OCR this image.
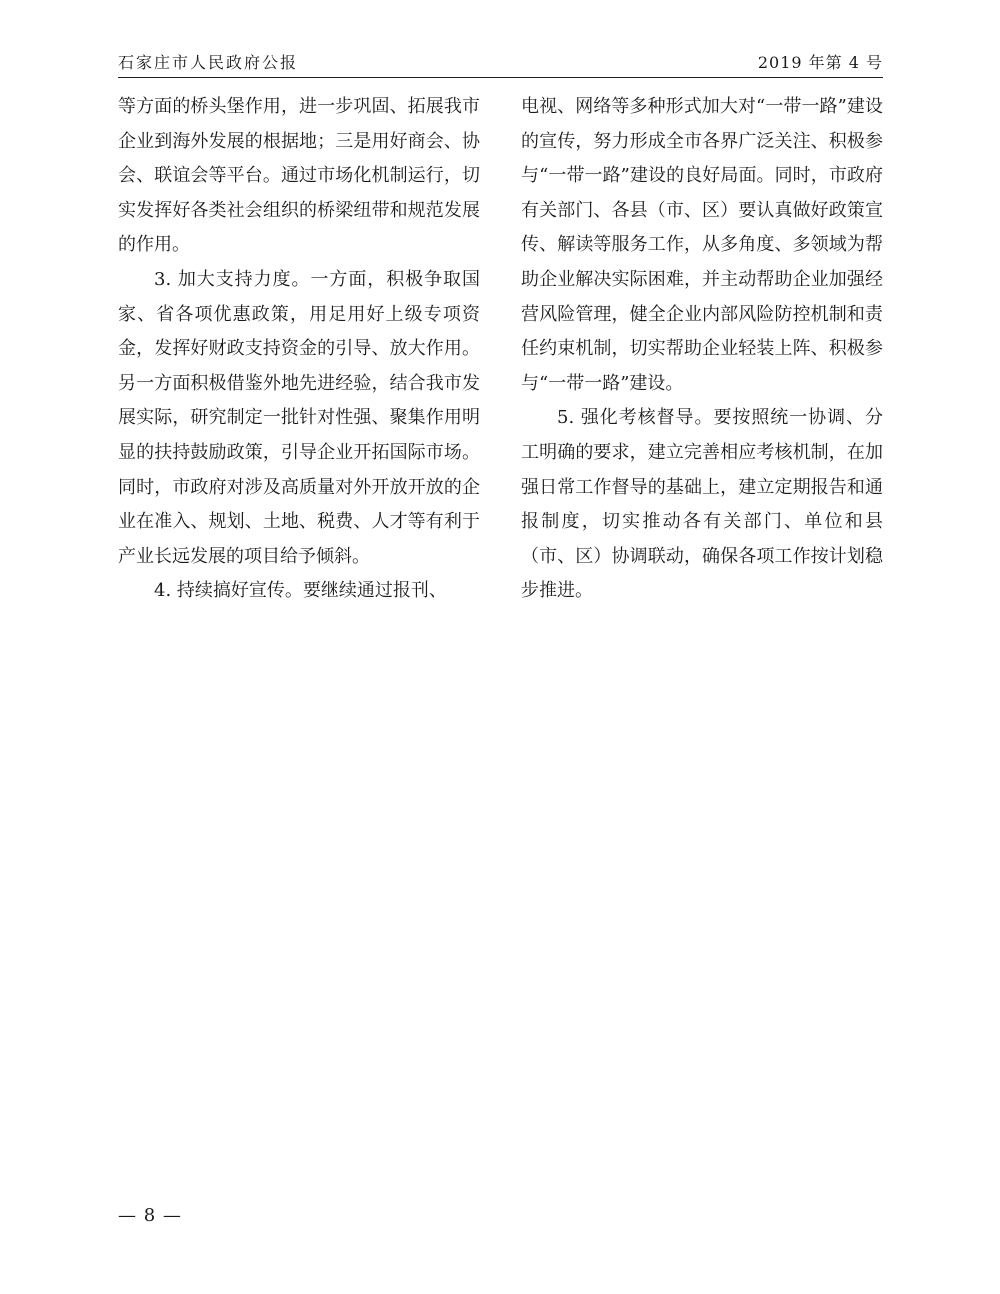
石家庄市人民政府公报	2019 年第 4 号

等方面的桥头堡作用，进一步巩固、拓展我市企业到海外发展的根据地；三是用好商会、协会、联谊会等平台。通过市场化机制运行，切实发挥好各类社会组织的桥梁纽带和规范发展的作用。

3. 加大支持力度。一方面，积极争取国家、省各项优惠政策，用足用好上级专项资金，发挥好财政支持资金的引导、放大作用。另一方面积极借鉴外地先进经验，结合我市发展实际，研究制定一批针对性强、聚集作用明显的扶持鼓励政策，引导企业开拓国际市场。同时，市政府对涉及高质量对外开放开放的企业在准入、规划、土地、税费、人才等有利于产业长远发展的项目给予倾斜。

4. 持续搞好宣传。要继续通过报刊、

电视、网络等多种形式加大对“一带一路”建设的宣传，努力形成全市各界广泛关注、积极参与“一带一路”建设的良好局面。同时，市政府有关部门、各县（市、区）要认真做好政策宣传、解读等服务工作，从多角度、多领域为帮助企业解决实际困难，并主动帮助企业加强经营风险管理，健全企业内部风险防控机制和责任约束机制，切实帮助企业轻装上阵、积极参与“一带一路”建设。

5. 强化考核督导。要按照统一协调、分工明确的要求，建立完善相应考核机制，在加强日常工作督导的基础上，建立定期报告和通报制度，切实推动各有关部门、单位和县（市、区）协调联动，确保各项工作按计划稳步推进。

— 8 —
